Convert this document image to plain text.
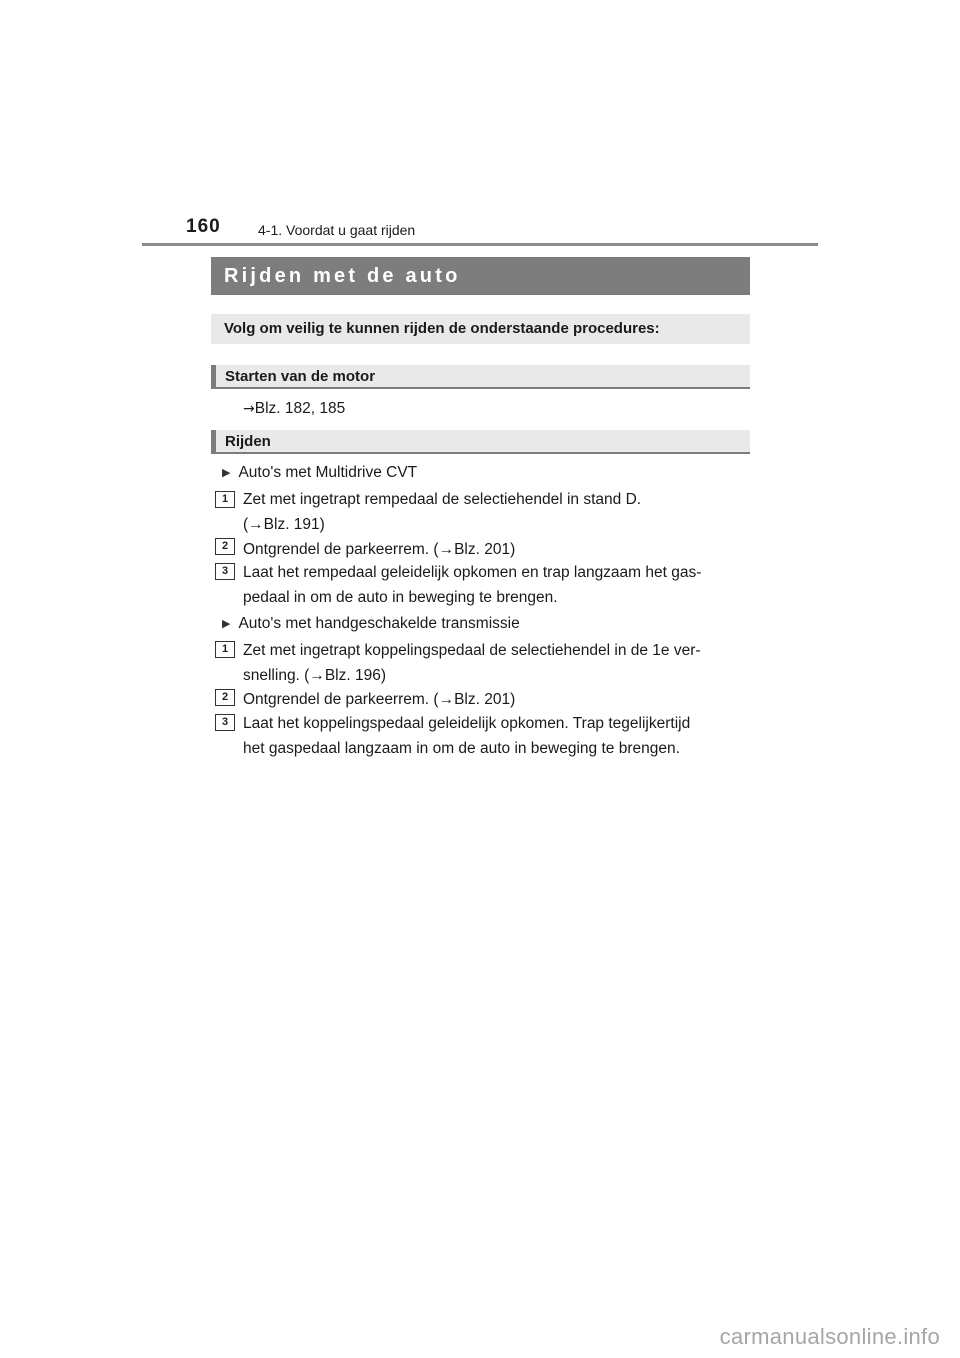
160	4-1. Voordat u gaat rijden
Rijden met de auto
Volg om veilig te kunnen rijden de onderstaande procedures:
Starten van de motor
→Blz. 182, 185
Rijden
▶ Auto's met Multidrive CVT
1 Zet met ingetrapt rempedaal de selectiehendel in stand D.
(→Blz. 191)
2 Ontgrendel de parkeerrem. (→Blz. 201)
3 Laat het rempedaal geleidelijk opkomen en trap langzaam het gas-
pedaal in om de auto in beweging te brengen.
▶ Auto's met handgeschakelde transmissie
1 Zet met ingetrapt koppelingspedaal de selectiehendel in de 1e ver-
snelling. (→Blz. 196)
2 Ontgrendel de parkeerrem. (→Blz. 201)
3 Laat het koppelingspedaal geleidelijk opkomen. Trap tegelijkertijd
het gaspedaal langzaam in om de auto in beweging te brengen.
carmanualsonline.info
